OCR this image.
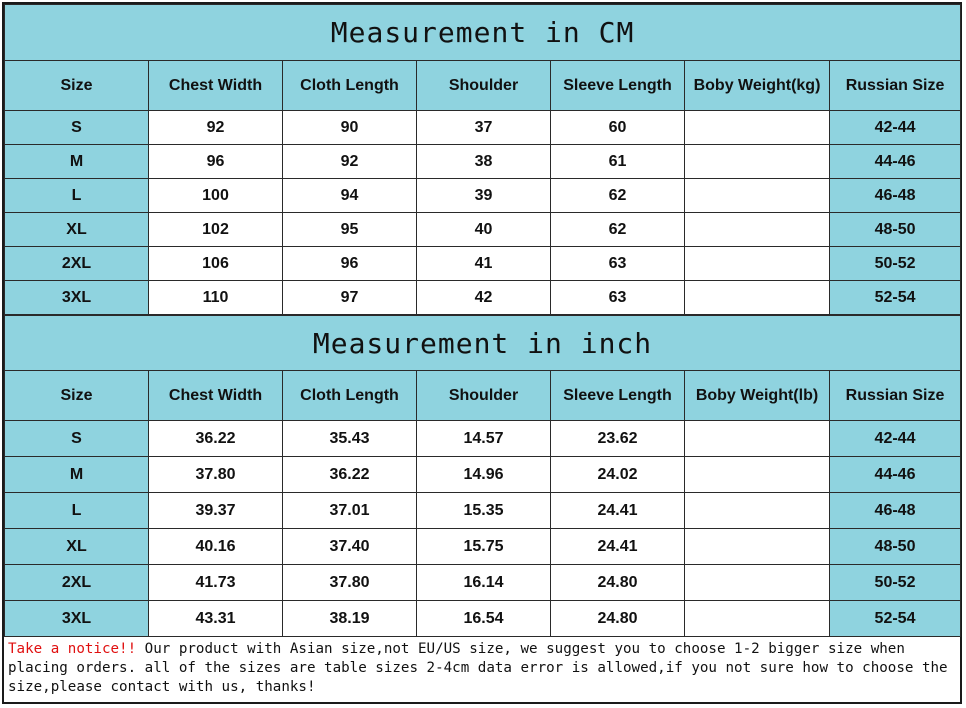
Measurement in CM						
Size	Chest Width	Cloth Length	Shoulder	Sleeve Length	Boby Weight(kg)	Russian Size
S	92	90	37	60		42-44
M	96	92	38	61		44-46
L	100	94	39	62		46-48
XL	102	95	40	62		48-50
2XL	106	96	41	63		50-52
3XL	110	97	42	63		52-54
Measurement in inch						
Size	Chest Width	Cloth Length	Shoulder	Sleeve Length	Boby Weight(lb)	Russian Size
S	36.22	35.43	14.57	23.62		42-44
M	37.80	36.22	14.96	24.02		44-46
L	39.37	37.01	15.35	24.41		46-48
XL	40.16	37.40	15.75	24.41		48-50
2XL	41.73	37.80	16.14	24.80		50-52
3XL	43.31	38.19	16.54	24.80		52-54
Take a notice!! Our product with Asian size,not EU/US size, we suggest you to choose 1-2 bigger size when placing orders. all of the sizes are table sizes 2-4cm data error is allowed,if you not sure how to choose the size,please contact with us, thanks!
